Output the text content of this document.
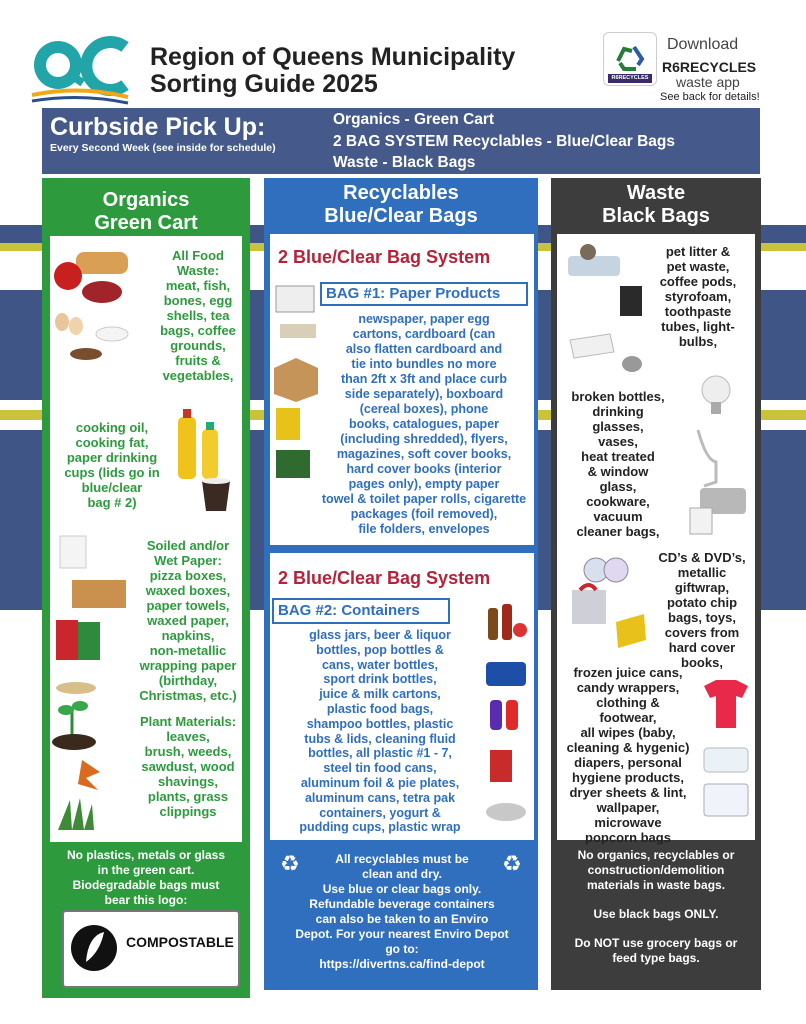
Region of Queens Municipality
Sorting Guide 2025	R6RECYCLES
Download
R6RECYCLES
waste app
See back for details!
Curbside Pick Up:
Every Second Week (see inside for schedule)
Organics - Green Cart
2 BAG SYSTEM Recyclables - Blue/Clear Bags
Waste - Black Bags
Organics
Green Cart
All Food
Waste:
meat, fish,
bones, egg
shells, tea
bags, coffee
grounds,
fruits &
vegetables,
cooking oil,
cooking fat,
paper drinking
cups (lids go in
blue/clear
bag # 2)
Soiled and/or
Wet Paper:
pizza boxes,
waxed boxes,
paper towels,
waxed paper,
napkins,
non-metallic
wrapping paper
(birthday,
Christmas, etc.)
Plant Materials:
leaves,
brush, weeds,
sawdust, wood
shavings,
plants, grass
clippings
No plastics, metals or glass
in the green cart.
Biodegradable bags must
bear this logo:
COMPOSTABLE
Recyclables
Blue/Clear Bags
2 Blue/Clear Bag System
BAG #1: Paper Products
newspaper, paper egg
cartons, cardboard (can
also flatten cardboard and
tie into bundles no more
than 2ft x 3ft and place curb
side separately), boxboard
(cereal boxes), phone
books, catalogues, paper
(including shredded), flyers,
magazines, soft cover books,
hard cover books (interior
pages only), empty paper
towel & toilet paper rolls, cigarette
packages (foil removed),
file folders, envelopes
2 Blue/Clear Bag System
BAG #2: Containers
glass jars, beer & liquor
bottles, pop bottles &
cans, water bottles,
sport drink bottles,
juice & milk cartons,
plastic food bags,
shampoo bottles, plastic
tubs & lids, cleaning fluid
bottles, all plastic #1 - 7,
steel tin food cans,
aluminum foil & pie plates,
aluminum cans, tetra pak
containers, yogurt &
pudding cups, plastic wrap
♻	♻
All recyclables must be
clean and dry.
Use blue or clear bags only.
Refundable beverage containers
can also be taken to an Enviro
Depot. For your nearest Enviro Depot
go to:
https://divertns.ca/find-depot
Waste
Black Bags
pet litter &
pet waste,
coffee pods,
styrofoam,
toothpaste
tubes, light-
bulbs,
broken bottles,
drinking
glasses,
vases,
heat treated
& window
glass,
cookware,
vacuum
cleaner bags,
CD’s & DVD’s,
metallic
giftwrap,
potato chip
bags, toys,
covers from
hard cover
books,
frozen juice cans,
candy wrappers,
clothing &
footwear,
all wipes (baby,
cleaning & hygenic)
diapers, personal
hygiene products,
dryer sheets & lint,
wallpaper,
microwave
popcorn bags
No organics, recyclables or
construction/demolition
materials in waste bags.
Use black bags ONLY.
Do NOT use grocery bags or
feed type bags.
